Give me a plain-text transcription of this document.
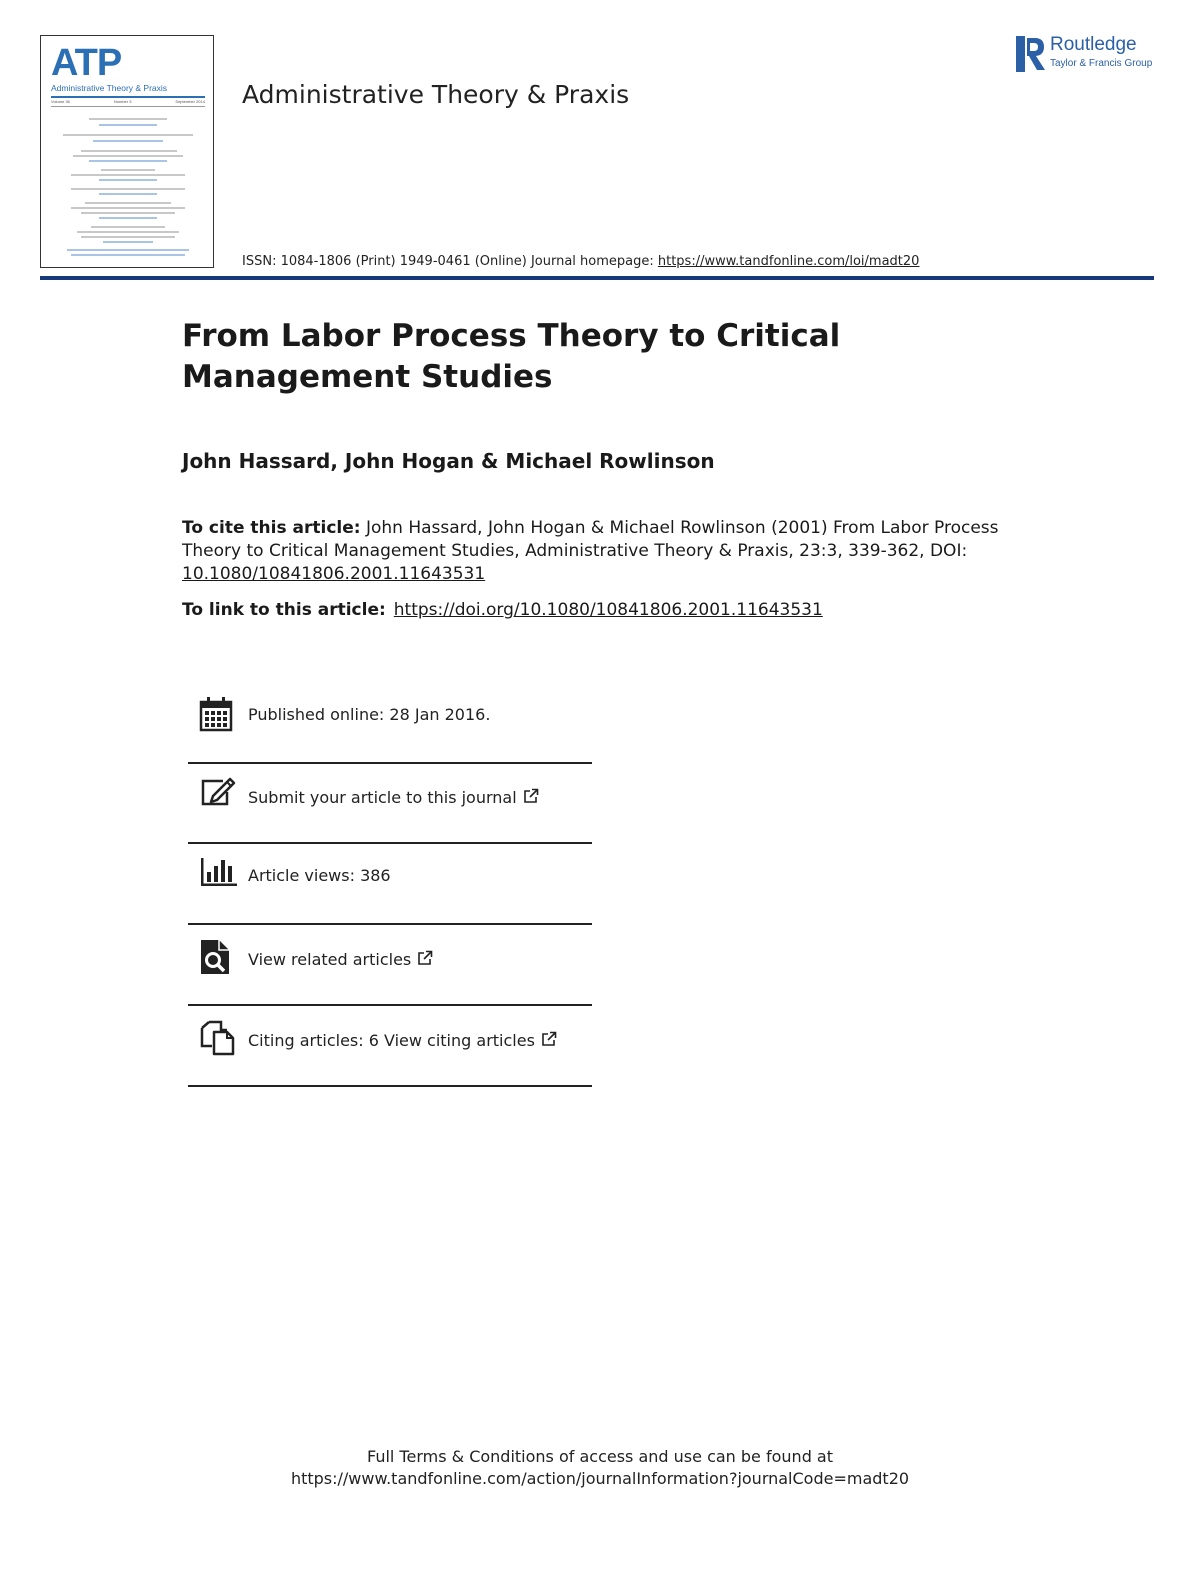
ATP
Administrative Theory & Praxis
Volume 36	Number 3	September 2014 Administrative Theory & Praxis
ISSN: 1084-1806 (Print) 1949-0461 (Online) Journal homepage: https://www.tandfonline.com/loi/madt20
Routledge
Taylor & Francis Group
From Labor Process Theory to Critical Management Studies
John Hassard, John Hogan & Michael Rowlinson
To cite this article: John Hassard, John Hogan & Michael Rowlinson (2001) From Labor Process Theory to Critical Management Studies, Administrative Theory & Praxis, 23:3, 339-362, DOI: 10.1080/10841806.2001.11643531
To link to this article: https://doi.org/10.1080/10841806.2001.11643531
Published online: 28 Jan 2016.
Submit your article to this journal
Article views: 386
View related articles
Citing articles: 6 View citing articles
Full Terms & Conditions of access and use can be found at
https://www.tandfonline.com/action/journalInformation?journalCode=madt20
